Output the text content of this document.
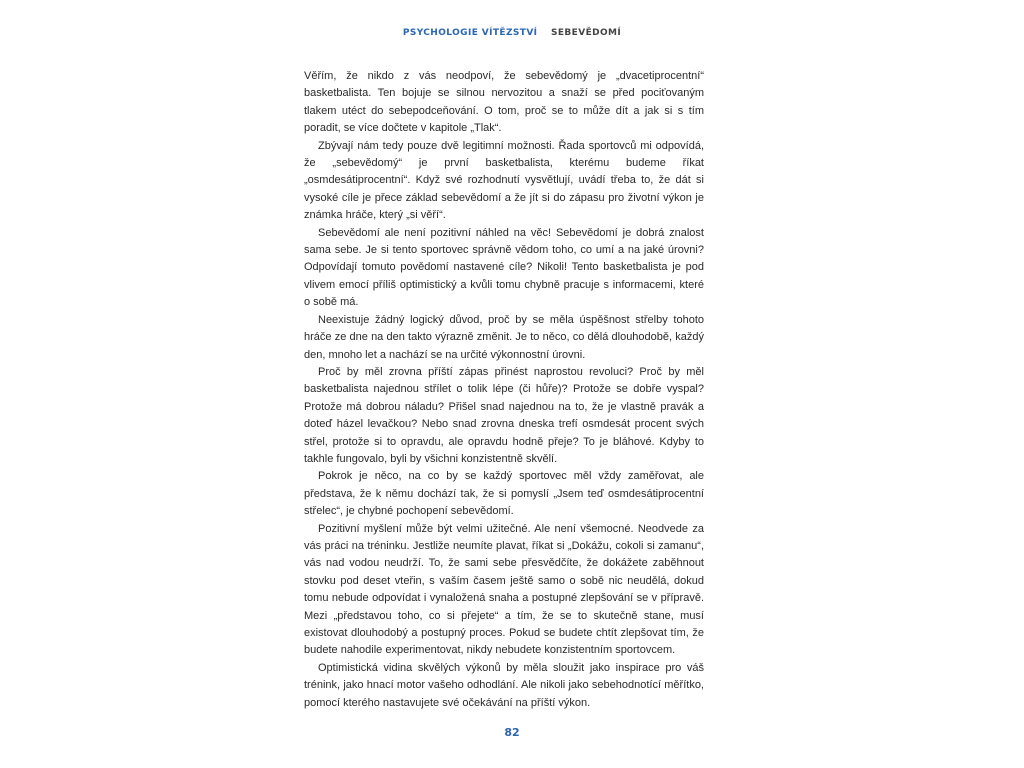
PSYCHOLOGIE VÍTĚZSTVÍ SEBEVĚDOMÍ

Věřím, že nikdo z vás neodpoví, že sebevědomý je „dvacetiprocentní“ basketbalista. Ten bojuje se silnou nervozitou a snaží se před pociťovaným tlakem utéct do sebepodceňování. O tom, proč se to může dít a jak si s tím poradit, se více dočtete v kapitole „Tlak“.

Zbývají nám tedy pouze dvě legitimní možnosti. Řada sportovců mi odpovídá, že „sebevědomý“ je první basketbalista, kterému budeme říkat „osmdesátiprocentní“. Když své rozhodnutí vysvětlují, uvádí třeba to, že dát si vysoké cíle je přece základ sebevědomí a že jít si do zápasu pro životní výkon je známka hráče, který „si věří“.

Sebevědomí ale není pozitivní náhled na věc! Sebevědomí je dobrá znalost sama sebe. Je si tento sportovec správně vědom toho, co umí a na jaké úrovni? Odpovídají tomuto povědomí nastavené cíle? Nikoli! Tento basketbalista je pod vlivem emocí příliš optimistický a kvůli tomu chybně pracuje s informacemi, které o sobě má.

Neexistuje žádný logický důvod, proč by se měla úspěšnost střelby tohoto hráče ze dne na den takto výrazně změnit. Je to něco, co dělá dlouhodobě, každý den, mnoho let a nachází se na určité výkonnostní úrovni.

Proč by měl zrovna příští zápas přinést naprostou revoluci? Proč by měl basketbalista najednou střílet o tolik lépe (či hůře)? Protože se dobře vyspal? Protože má dobrou náladu? Přišel snad najednou na to, že je vlastně pravák a doteď házel levačkou? Nebo snad zrovna dneska trefí osmdesát procent svých střel, protože si to opravdu, ale opravdu hodně přeje? To je bláhové. Kdyby to takhle fungovalo, byli by všichni konzistentně skvělí.

Pokrok je něco, na co by se každý sportovec měl vždy zaměřovat, ale představa, že k němu dochází tak, že si pomyslí „Jsem teď osmdesátiprocentní střelec“, je chybné pochopení sebevědomí.

Pozitivní myšlení může být velmi užitečné. Ale není všemocné. Neodvede za vás práci na tréninku. Jestliže neumíte plavat, říkat si „Dokážu, cokoli si zamanu“, vás nad vodou neudrží. To, že sami sebe přesvědčíte, že dokážete zaběhnout stovku pod deset vteřin, s vaším časem ještě samo o sobě nic neudělá, dokud tomu nebude odpovídat i vynaložená snaha a postupné zlepšování se v přípravě. Mezi „představou toho, co si přejete“ a tím, že se to skutečně stane, musí existovat dlouhodobý a postupný proces. Pokud se budete chtít zlepšovat tím, že budete nahodile experimentovat, nikdy nebudete konzistentním sportovcem.

Optimistická vidina skvělých výkonů by měla sloužit jako inspirace pro váš trénink, jako hnací motor vašeho odhodlání. Ale nikoli jako sebehodnotící měřítko, pomocí kterého nastavujete své očekávání na příští výkon.

82
